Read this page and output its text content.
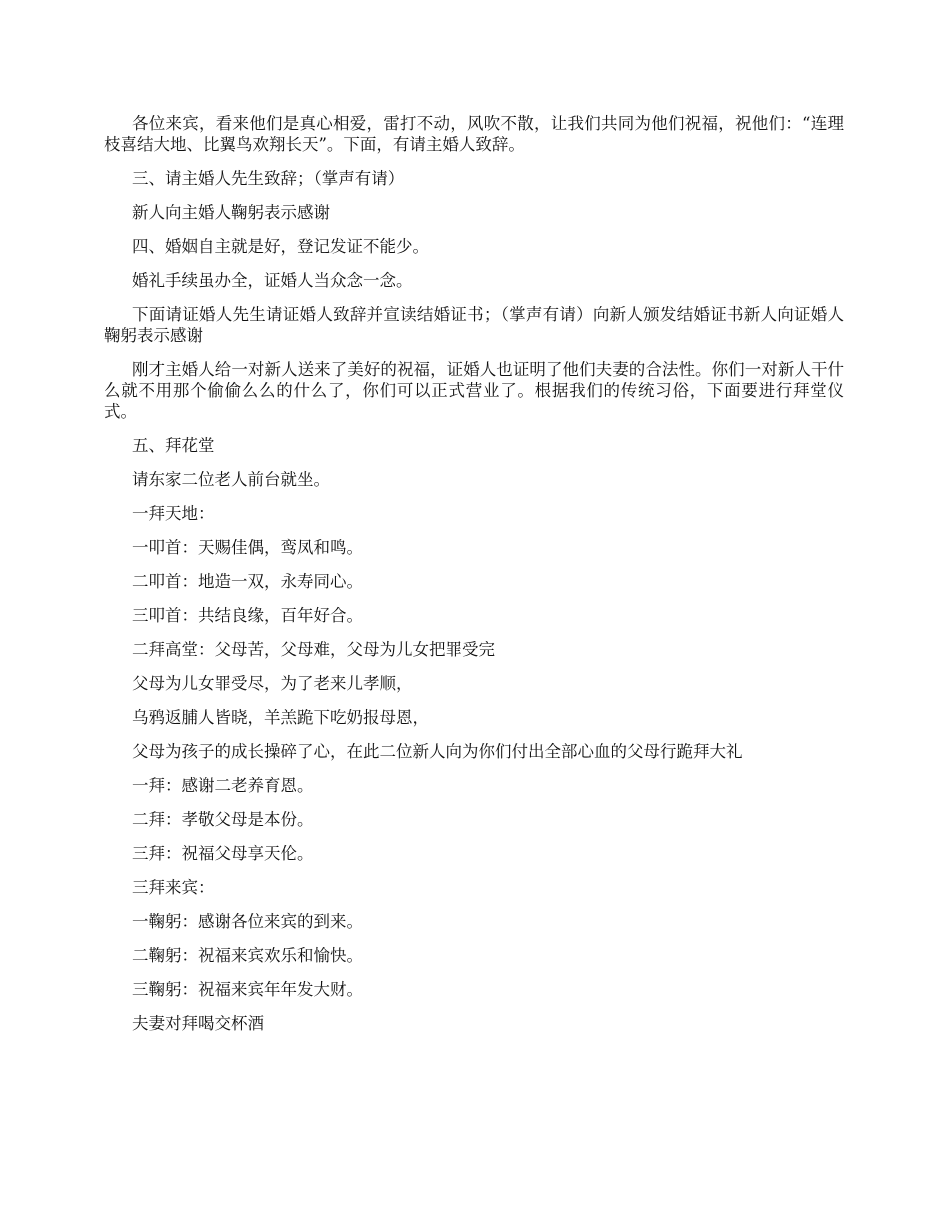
各位来宾，看来他们是真心相爱，雷打不动，风吹不散，让我们共同为他们祝福，祝他们：“连理枝喜结大地、比翼鸟欢翔长天”。下面，有请主婚人致辞。

三、请主婚人先生致辞；（掌声有请）

新人向主婚人鞠躬表示感谢

四、婚姻自主就是好，登记发证不能少。

婚礼手续虽办全，证婚人当众念一念。

下面请证婚人先生请证婚人致辞并宣读结婚证书；（掌声有请）向新人颁发结婚证书新人向证婚人鞠躬表示感谢

刚才主婚人给一对新人送来了美好的祝福，证婚人也证明了他们夫妻的合法性。你们一对新人干什么就不用那个偷偷么么的什么了，你们可以正式营业了。根据我们的传统习俗，下面要进行拜堂仪式。

五、拜花堂

请东家二位老人前台就坐。

一拜天地：

一叩首：天赐佳偶，鸾凤和鸣。

二叩首：地造一双，永寿同心。

三叩首：共结良缘，百年好合。

二拜高堂：父母苦，父母难，父母为儿女把罪受完

父母为儿女罪受尽，为了老来儿孝顺，

乌鸦返脯人皆晓，羊羔跪下吃奶报母恩，

父母为孩子的成长操碎了心，在此二位新人向为你们付出全部心血的父母行跪拜大礼

一拜：感谢二老养育恩。

二拜：孝敬父母是本份。

三拜：祝福父母享天伦。

三拜来宾：

一鞠躬：感谢各位来宾的到来。

二鞠躬：祝福来宾欢乐和愉快。

三鞠躬：祝福来宾年年发大财。

夫妻对拜喝交杯酒
